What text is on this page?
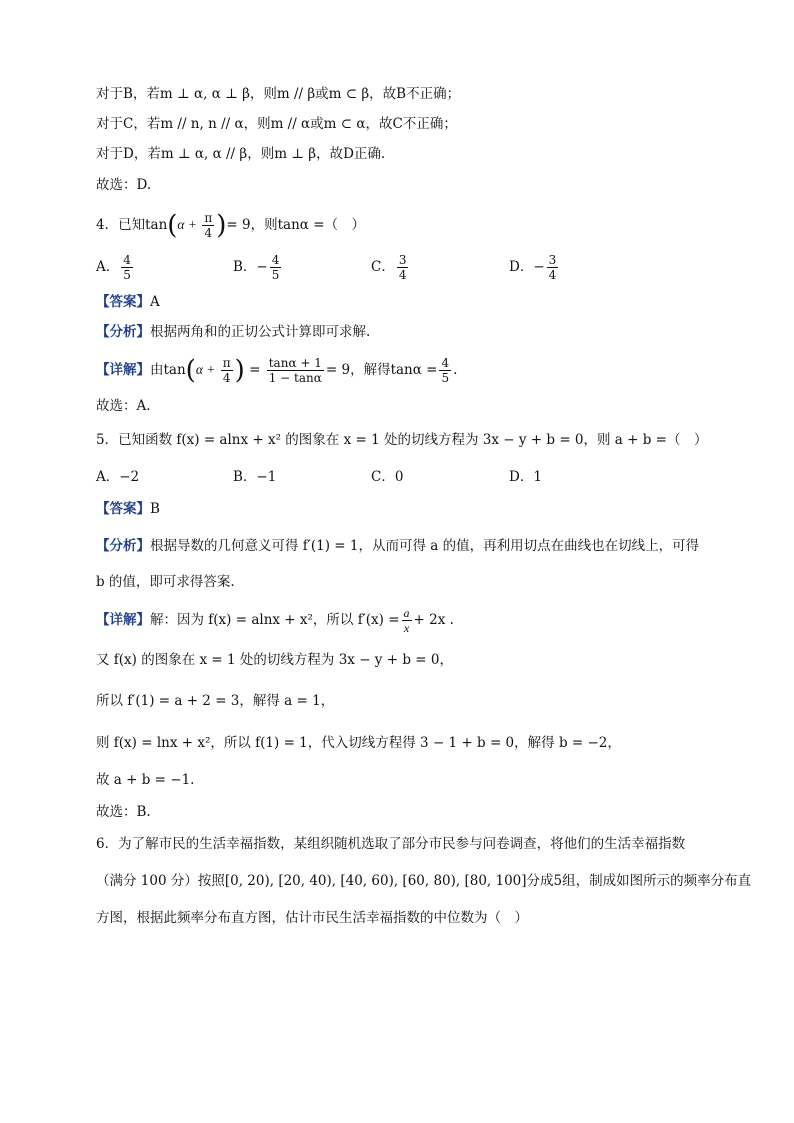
对于B，若m ⊥ α, α ⊥ β，则m // β或m ⊂ β，故B不正确；
对于C，若m // n, n // α，则m // α或m ⊂ α，故C不正确；
对于D，若m ⊥ α, α // β，则m ⊥ β，故D正确.
故选：D.
4．已知$\tan(\alpha + \frac{\pi}{4}$ )= 9，则tanα =（　）
A． $\frac{4}{5}$	B．− $\frac{4}{5}$	C． $\frac{3}{4}$	D．− $\frac{3}{4}$
【答案】A
【分析】根据两角和的正切公式计算即可求解.
【详解】由$\tan(\alpha + \frac{\pi}{4}$ ) = $\frac{\tan\alpha + 1}{1 - \tan\alpha} = 9$，解得$\tan\alpha = \frac{4}{5}$ .
故选：A.
5．已知函数 f(x) = alnx + x² 的图象在 x = 1 处的切线方程为 3x − y + b = 0，则 a + b =（　）
A．−2	B．−1	C．0	D．1
【答案】B
【分析】根据导数的几何意义可得 f′(1) = 1，从而可得 a 的值，再利用切点在曲线也在切线上，可得
b 的值，即可求得答案.
【详解】解：因为 f(x) = alnx + x²，所以 $f'(x) = \frac{a}{x} + 2x$ .
又 f(x) 的图象在 x = 1 处的切线方程为 3x − y + b = 0，
所以 f′(1) = a + 2 = 3，解得 a = 1，
则 f(x) = lnx + x²，所以 f(1) = 1，代入切线方程得 3 − 1 + b = 0，解得 b = −2，
故 a + b = −1.
故选：B.
6．为了解市民的生活幸福指数，某组织随机选取了部分市民参与问卷调查，将他们的生活幸福指数
（满分 100 分）按照[0, 20), [20, 40), [40, 60), [60, 80), [80, 100]分成5组，制成如图所示的频率分布直
方图，根据此频率分布直方图，估计市民生活幸福指数的中位数为（　）
